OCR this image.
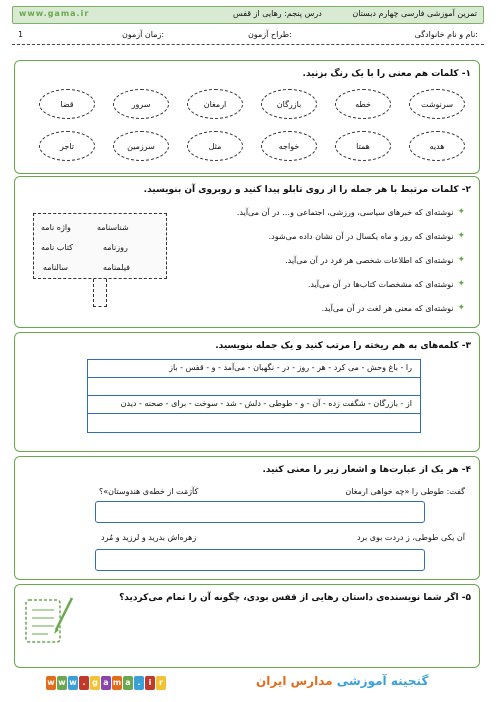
www.gama.ir	درس پنجم: رهایی از قفس	تمرین آموزشی فارسی چهارم دبستان
1	زمان آزمون:	طراح آزمون:	نام و نام خانوادگی:
۱- کلمات هم معنی را با یک رنگ بزنید.
سرنوشت
خطه
بازرگان
ارمغان
سرور
قضا
هدیه
همتا
خواجه
مثل
سرزمین
تاجر
۲- کلمات مرتبط با هر جمله را از روی تابلو پیدا کنید و روبروی آن بنویسید.
شناسنامه
واژه نامه
روزنامه
کتاب نامه
فیلمنامه
سالنامه
✦
نوشته‌ای که خبرهای سیاسی، ورزشی، اجتماعی و… در آن می‌آید.
✦
نوشته‌ای که روز و ماه یکسال در آن نشان داده می‌شود.
✦
نوشته‌ای که اطلاعات شخصی هر فرد در آن می‌آید.
✦
نوشته‌ای که مشخصات کتاب‌ها در آن می‌آید.
✦
نوشته‌ای که معنی هر لغت در آن می‌آید.
۳- کلمه‌های به هم ریخته را مرتب کنید و یک جمله بنویسید.
را - باغ وحش - می کرد - هر - روز - در - نگهبان - می‌آمد - و - قفس - باز
از - بازرگان - شگفت زده - آن - و - طوطی - دلش - شد - سوخت - برای - صحنه - دیدن
۴- هر یک از عبارت‌ها و اشعار زیر را معنی کنید.
گفت: طوطی را «چه خواهی ارمغان
کآرَمَت از خطه‌ی هندوستان»؟
آن یکی طوطی، ز دردت بوی برد
زهره‌اش بدرید و لرزید و مُرد
۵- اگر شما نویسنده‌ی داستان رهایی از قفس بودی، چگونه آن را تمام می‌کردید؟
w w w . g a m a .	i r	گنجینه آموزشی مدارس ایران
